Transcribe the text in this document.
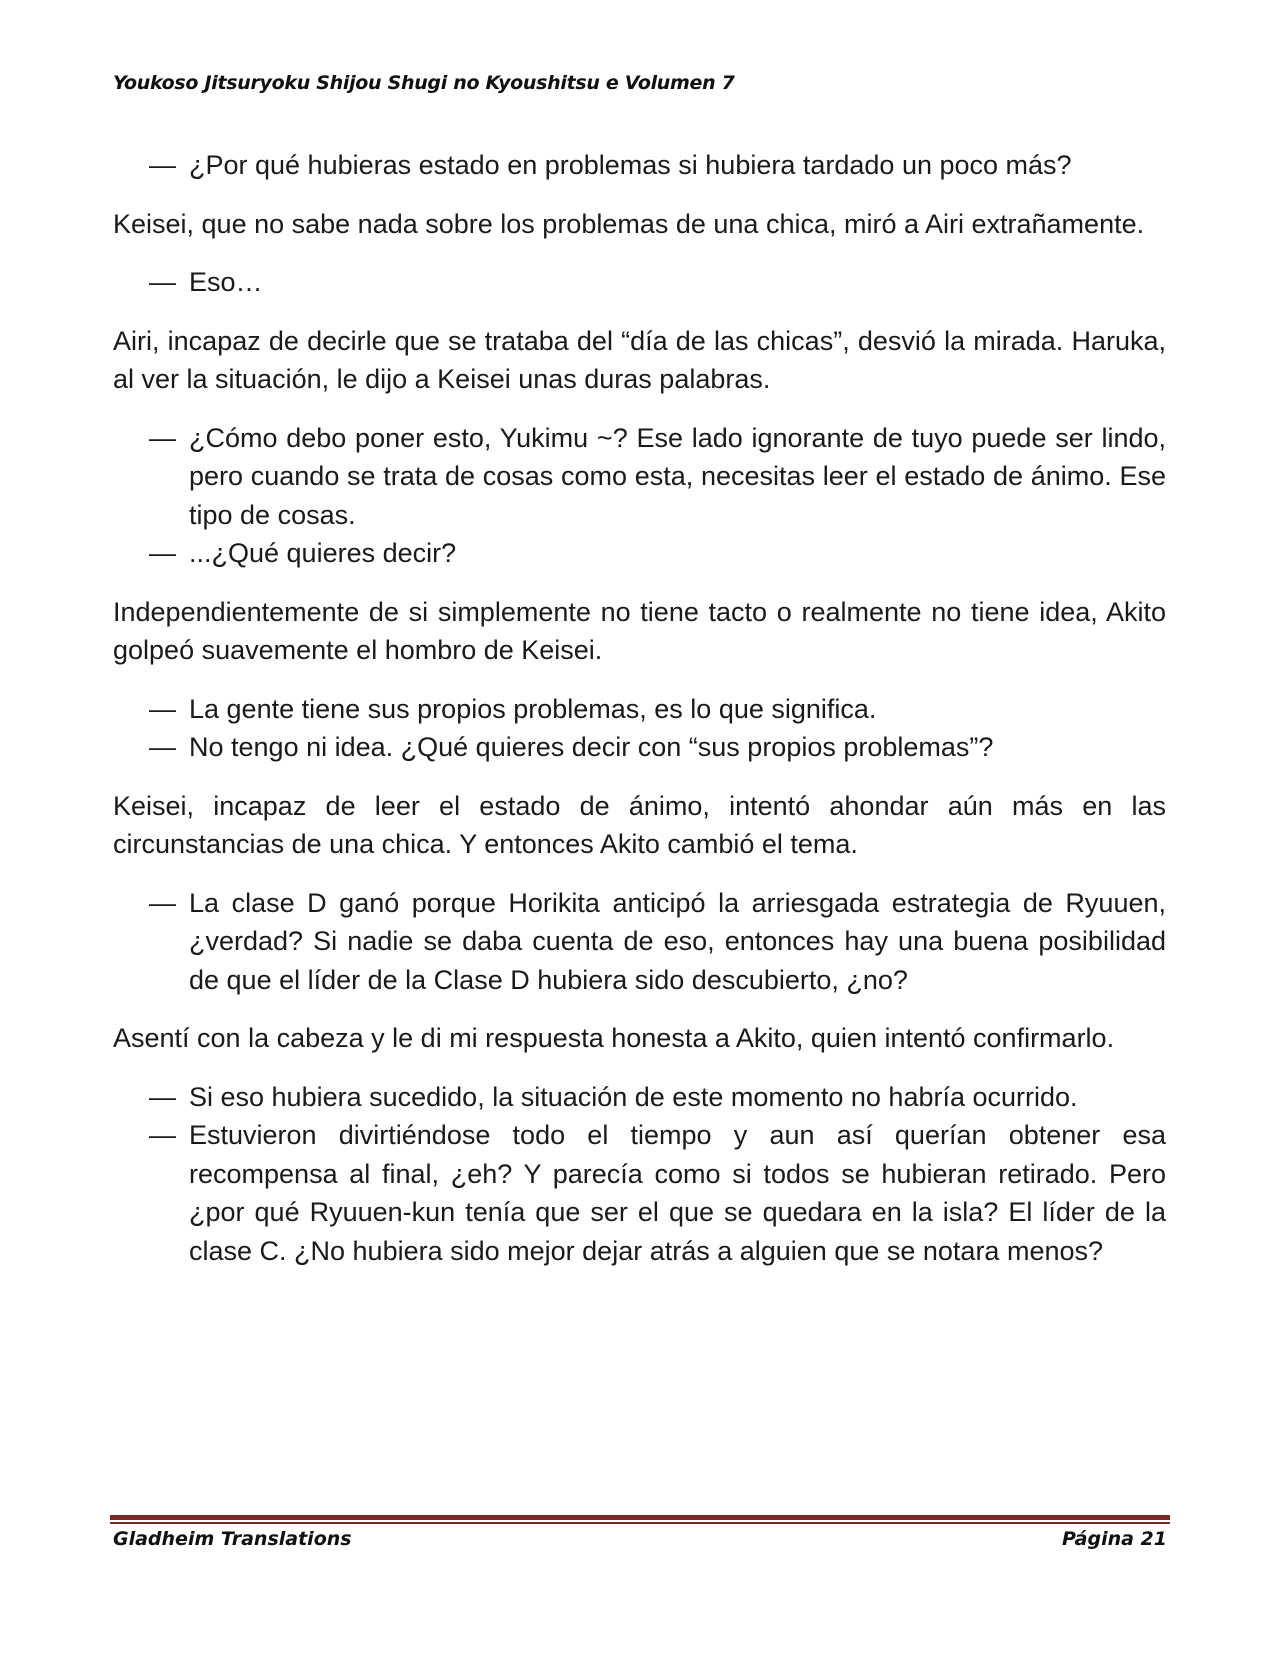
Youkoso Jitsuryoku Shijou Shugi no Kyoushitsu e Volumen 7
— ¿Por qué hubieras estado en problemas si hubiera tardado un poco más?

Keisei, que no sabe nada sobre los problemas de una chica, miró a Airi extrañamente.

— Eso…

Airi, incapaz de decirle que se trataba del “día de las chicas”, desvió la mirada. Haruka, al ver la situación, le dijo a Keisei unas duras palabras.

— ¿Cómo debo poner esto, Yukimu ~? Ese lado ignorante de tuyo puede ser lindo, pero cuando se trata de cosas como esta, necesitas leer el estado de ánimo. Ese tipo de cosas.
— ...¿Qué quieres decir?

Independientemente de si simplemente no tiene tacto o realmente no tiene idea, Akito golpeó suavemente el hombro de Keisei.

— La gente tiene sus propios problemas, es lo que significa.
— No tengo ni idea. ¿Qué quieres decir con “sus propios problemas”?

Keisei, incapaz de leer el estado de ánimo, intentó ahondar aún más en las circunstancias de una chica. Y entonces Akito cambió el tema.

— La clase D ganó porque Horikita anticipó la arriesgada estrategia de Ryuuen, ¿verdad? Si nadie se daba cuenta de eso, entonces hay una buena posibilidad de que el líder de la Clase D hubiera sido descubierto, ¿no?

Asentí con la cabeza y le di mi respuesta honesta a Akito, quien intentó confirmarlo.

— Si eso hubiera sucedido, la situación de este momento no habría ocurrido.
— Estuvieron divirtiéndose todo el tiempo y aun así querían obtener esa recompensa al final, ¿eh? Y parecía como si todos se hubieran retirado. Pero ¿por qué Ryuuen-kun tenía que ser el que se quedara en la isla? El líder de la clase C. ¿No hubiera sido mejor dejar atrás a alguien que se notara menos?
Gladheim Translations	Página 21
